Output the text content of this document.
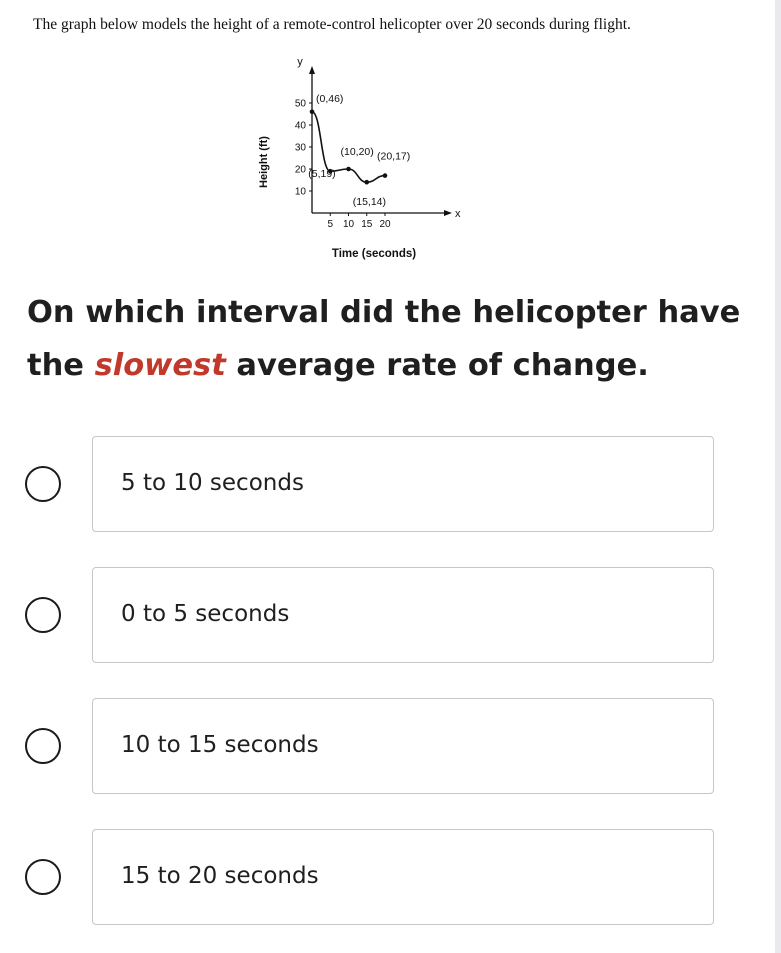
The graph below models the height of a remote-control helicopter over 20 seconds during flight.
y
Height (ft)
x
Time (seconds)
10
20
30
40
50
5 10 15 20
(0,46)
(5,19)
(10,20)
(15,14)
(20,17)
On which interval did the helicopter have the slowest average rate of change.
5 to 10 seconds
0 to 5 seconds
10 to 15 seconds
15 to 20 seconds
